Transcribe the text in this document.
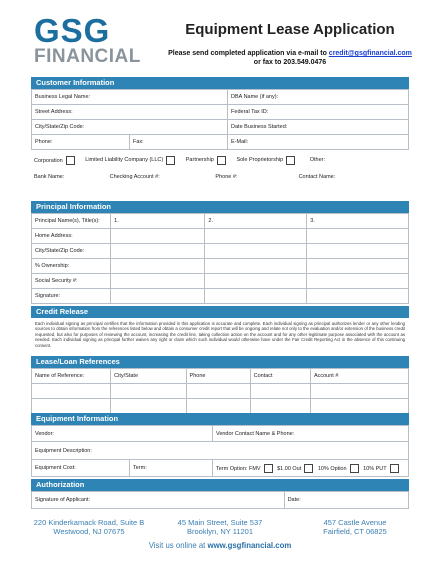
GSG
FINANCIAL
Equipment Lease Application
Please send completed application via e-mail to credit@gsgfinancial.com
or fax to 203.549.0476
Customer Information
Business Legal Name:		DBA Name (if any):
Street Address:		Federal Tax ID:
City/State/Zip Code:		Date Business Started:
Phone:	Fax:	E-Mail:
Corporation	Limited Liability Company (LLC)	Partnership	Sole Proprietorship	Other:
Bank Name:	Checking Account #:	Phone #:	Contact Name:
Principal Information
Principal Name(s), Title(s):	1.	2.	3.
Home Address:			
City/State/Zip Code:			
% Ownership:			
Social Security #:			
Signature:			
Credit Release
Each individual signing as principal certifies that the information provided in this application is accurate and complete. Each individual signing as principal authorizes lender or any other lending sources to obtain information from the references listed below and obtain a consumer credit report that will be ongoing and relate not only to the evaluation and/or extension of the business credit requested, but also for purposes of reviewing the account, increasing the credit line, taking collection action on the account and for any other legitimate purpose associated with the account as needed. Each individual signing as principal further waives any right or claim which such individual would otherwise have under the Fair Credit Reporting Act in the absence of this continuing consent.
Lease/Loan References
Name of Reference:	City/State	Phone	Contact	Account #

Equipment Information
Vendor:		Vendor Contact Name & Phone:
Equipment Description:		
Equipment Cost:	Term:	Term Option: FMV $1.00 Out 10% Option 10% PUT
Authorization
Signature of Applicant:	Date:
220 Kinderkamack Road, Suite B
Westwood, NJ 07675
45 Main Street, Suite 537
Brooklyn, NY 11201
457 Castle Avenue
Fairfield, CT 06825
Visit us online at www.gsgfinancial.com
